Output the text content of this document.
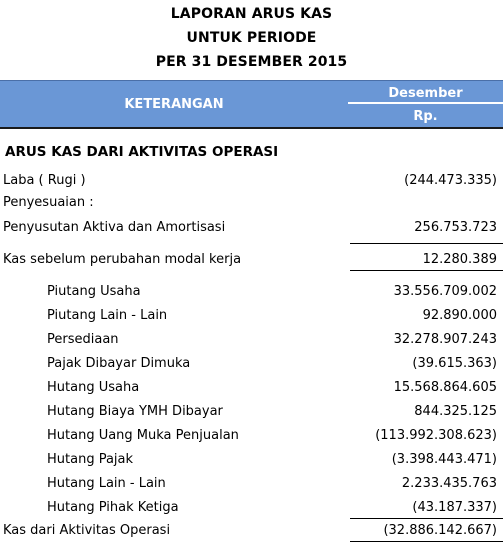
LAPORAN ARUS KAS
UNTUK PERIODE
PER 31 DESEMBER 2015
KETERANGAN
Desember
Rp.
ARUS KAS DARI AKTIVITAS OPERASI
Laba ( Rugi )	(244.473.335)
Penyesuaian :
Penyusutan Aktiva dan Amortisasi	256.753.723
Kas sebelum perubahan modal kerja	12.280.389
Piutang Usaha	33.556.709.002
Piutang Lain - Lain	92.890.000
Persediaan	32.278.907.243
Pajak Dibayar Dimuka	(39.615.363)
Hutang Usaha	15.568.864.605
Hutang Biaya YMH Dibayar	844.325.125
Hutang Uang Muka Penjualan	(113.992.308.623)
Hutang Pajak	(3.398.443.471)
Hutang Lain - Lain	2.233.435.763
Hutang Pihak Ketiga	(43.187.337)
Kas dari Aktivitas Operasi	(32.886.142.667)
